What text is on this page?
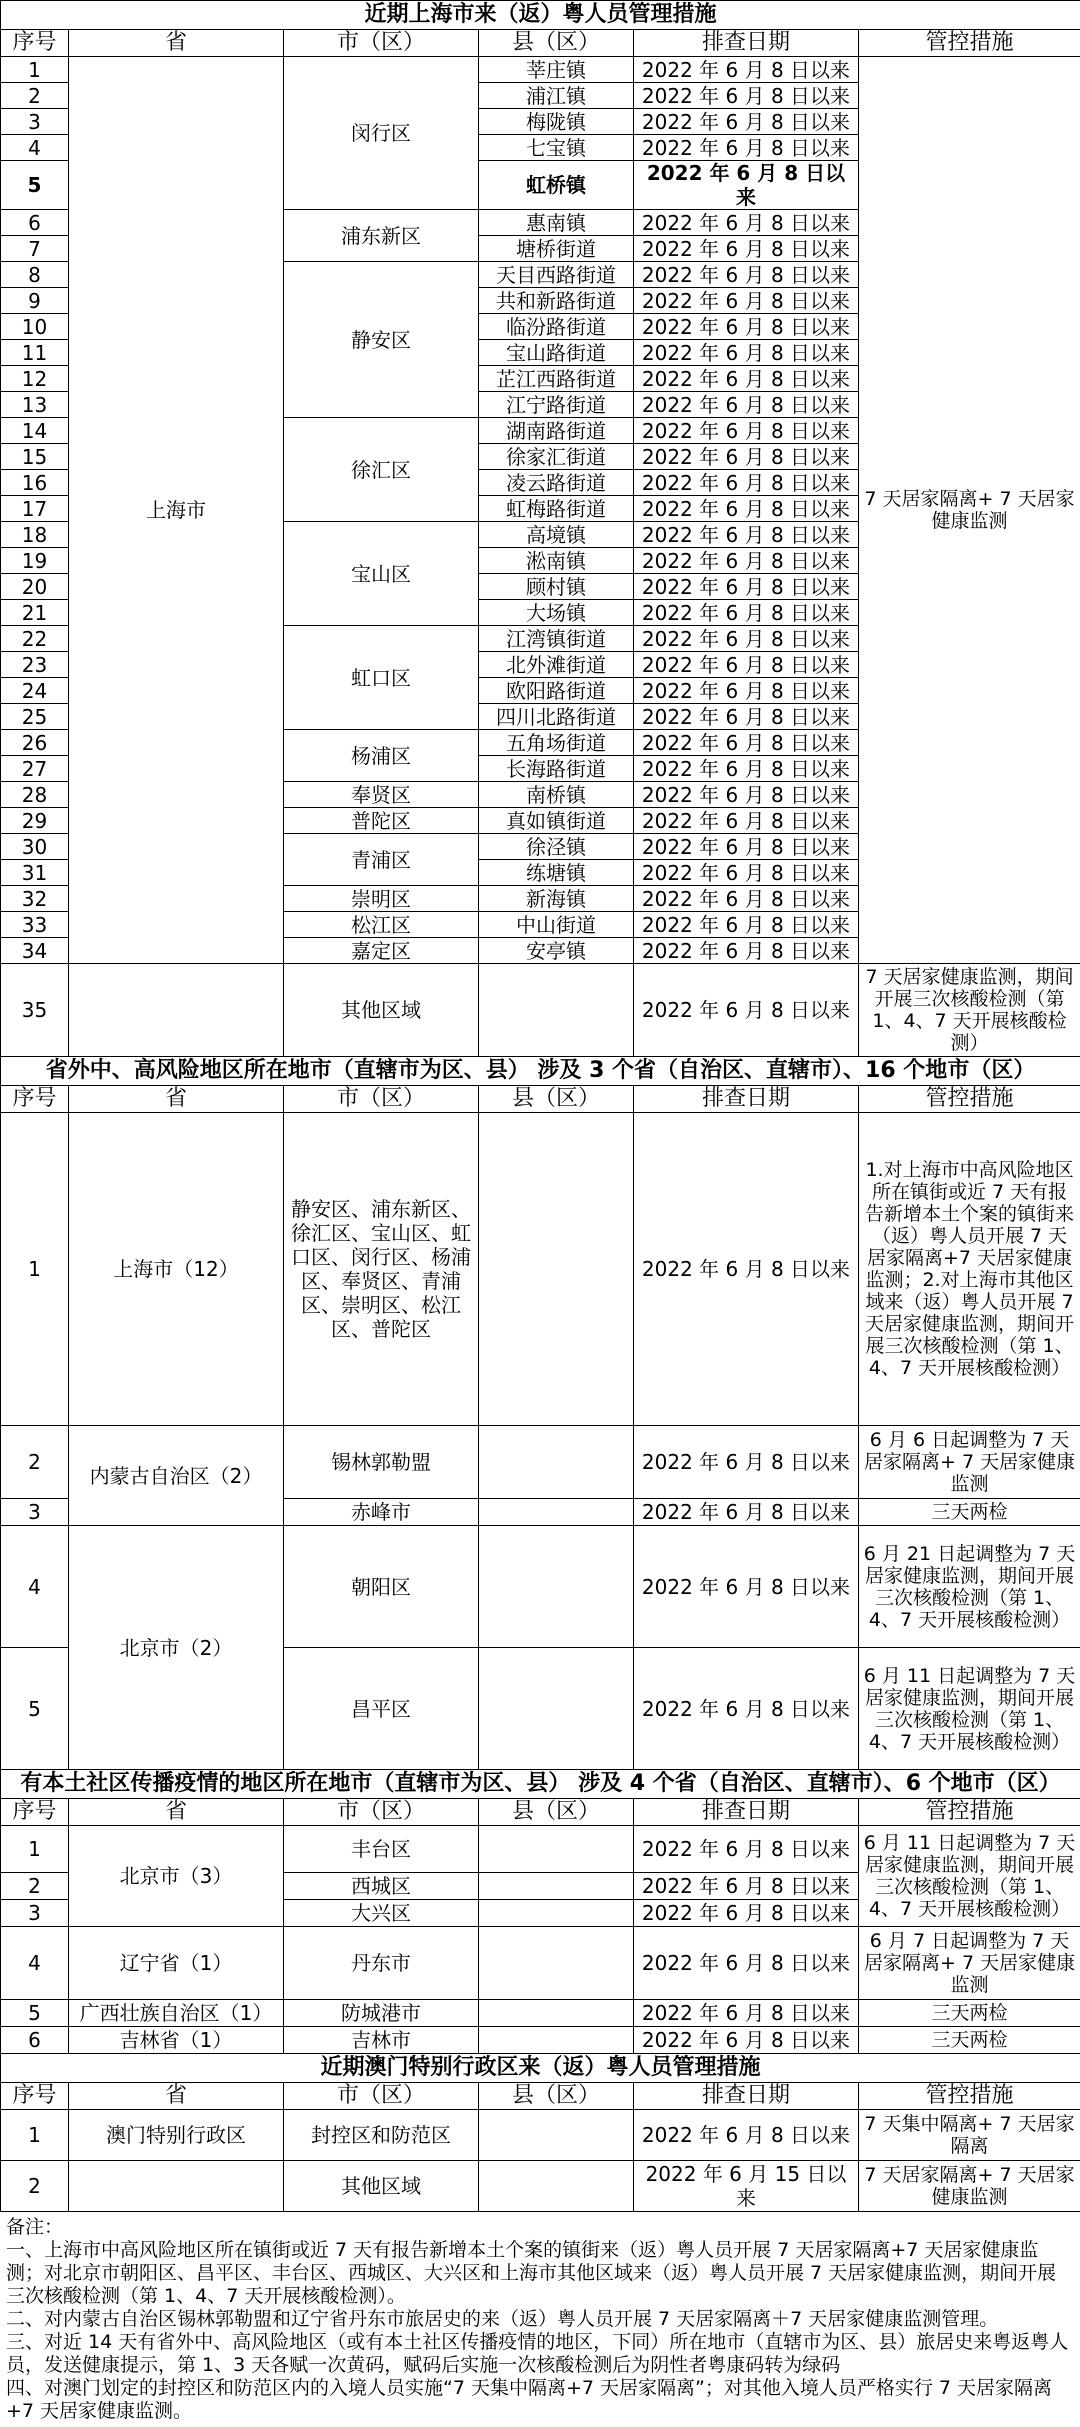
近期上海市来（返）粤人员管理措施					
序号	省	市（区）	县（区）	排查日期	管控措施
1	上海市	闵行区	莘庄镇	2022 年 6 月 8 日以来	7 天居家隔离+ 7 天居家健康监测
2			浦江镇	2022 年 6 月 8 日以来	
3			梅陇镇	2022 年 6 月 8 日以来	
4			七宝镇	2022 年 6 月 8 日以来	
5			虹桥镇	2022 年 6 月 8 日以来	
6		浦东新区	惠南镇	2022 年 6 月 8 日以来	
7			塘桥街道	2022 年 6 月 8 日以来	
8		静安区	天目西路街道	2022 年 6 月 8 日以来	
9			共和新路街道	2022 年 6 月 8 日以来	
10			临汾路街道	2022 年 6 月 8 日以来	
11			宝山路街道	2022 年 6 月 8 日以来	
12			芷江西路街道	2022 年 6 月 8 日以来	
13			江宁路街道	2022 年 6 月 8 日以来	
14		徐汇区	湖南路街道	2022 年 6 月 8 日以来	
15			徐家汇街道	2022 年 6 月 8 日以来	
16			凌云路街道	2022 年 6 月 8 日以来	
17			虹梅路街道	2022 年 6 月 8 日以来	
18		宝山区	高境镇	2022 年 6 月 8 日以来	
19			淞南镇	2022 年 6 月 8 日以来	
20			顾村镇	2022 年 6 月 8 日以来	
21			大场镇	2022 年 6 月 8 日以来	
22		虹口区	江湾镇街道	2022 年 6 月 8 日以来	
23			北外滩街道	2022 年 6 月 8 日以来	
24			欧阳路街道	2022 年 6 月 8 日以来	
25			四川北路街道	2022 年 6 月 8 日以来	
26		杨浦区	五角场街道	2022 年 6 月 8 日以来	
27			长海路街道	2022 年 6 月 8 日以来	
28		奉贤区	南桥镇	2022 年 6 月 8 日以来	
29		普陀区	真如镇街道	2022 年 6 月 8 日以来	
30		青浦区	徐泾镇	2022 年 6 月 8 日以来	
31			练塘镇	2022 年 6 月 8 日以来	
32		崇明区	新海镇	2022 年 6 月 8 日以来	
33		松江区	中山街道	2022 年 6 月 8 日以来	
34		嘉定区	安亭镇	2022 年 6 月 8 日以来	
35		其他区域		2022 年 6 月 8 日以来	7 天居家健康监测，期间开展三次核酸检测（第 1、4、7 天开展核酸检测）
省外中、高风险地区所在地市（直辖市为区、县） 涉及 3 个省（自治区、直辖市）、16 个地市（区）					
序号	省	市（区）	县（区）	排查日期	管控措施
1	上海市（12）	静安区、浦东新区、徐汇区、宝山区、虹口区、闵行区、杨浦区、奉贤区、青浦区、崇明区、松江区、普陀区		2022 年 6 月 8 日以来	1.对上海市中高风险地区所在镇街或近 7 天有报告新增本土个案的镇街来（返）粤人员开展 7 天居家隔离+7 天居家健康监测；2.对上海市其他区域来（返）粤人员开展 7 天居家健康监测，期间开展三次核酸检测（第 1、4、7 天开展核酸检测）
2	内蒙古自治区（2）	锡林郭勒盟		2022 年 6 月 8 日以来	6 月 6 日起调整为 7 天居家隔离+ 7 天居家健康监测
3		赤峰市		2022 年 6 月 8 日以来	三天两检
4	北京市（2）	朝阳区		2022 年 6 月 8 日以来	6 月 21 日起调整为 7 天居家健康监测，期间开展三次核酸检测（第 1、4、7 天开展核酸检测）
5		昌平区		2022 年 6 月 8 日以来	6 月 11 日起调整为 7 天居家健康监测，期间开展三次核酸检测（第 1、4、7 天开展核酸检测）
有本土社区传播疫情的地区所在地市（直辖市为区、县） 涉及 4 个省（自治区、直辖市）、6 个地市（区）					
序号	省	市（区）	县（区）	排查日期	管控措施
1	北京市（3）	丰台区		2022 年 6 月 8 日以来	6 月 11 日起调整为 7 天居家健康监测，期间开展三次核酸检测（第 1、4、7 天开展核酸检测）
2		西城区		2022 年 6 月 8 日以来	
3		大兴区		2022 年 6 月 8 日以来	
4	辽宁省（1）	丹东市		2022 年 6 月 8 日以来	6 月 7 日起调整为 7 天居家隔离+ 7 天居家健康监测
5	广西壮族自治区（1）	防城港市		2022 年 6 月 8 日以来	三天两检
6	吉林省（1）	吉林市		2022 年 6 月 8 日以来	三天两检
近期澳门特别行政区来（返）粤人员管理措施					
序号	省	市（区）	县（区）	排查日期	管控措施
1	澳门特别行政区	封控区和防范区		2022 年 6 月 8 日以来	7 天集中隔离+ 7 天居家隔离
2		其他区域		2022 年 6 月 15 日以来	7 天居家隔离+ 7 天居家健康监测

备注：

一、上海市中高风险地区所在镇街或近 7 天有报告新增本土个案的镇街来（返）粤人员开展 7 天居家隔离+7 天居家健康监测；对北京市朝阳区、昌平区、丰台区、西城区、大兴区和上海市其他区域来（返）粤人员开展 7 天居家健康监测，期间开展三次核酸检测（第 1、4、7 天开展核酸检测）。

二、对内蒙古自治区锡林郭勒盟和辽宁省丹东市旅居史的来（返）粤人员开展 7 天居家隔离＋7 天居家健康监测管理。

三、对近 14 天有省外中、高风险地区（或有本土社区传播疫情的地区，下同）所在地市（直辖市为区、县）旅居史来粤返粤人员，发送健康提示，第 1、3 天各赋一次黄码，赋码后实施一次核酸检测后为阴性者粤康码转为绿码

四、对澳门划定的封控区和防范区内的入境人员实施“7 天集中隔离+7 天居家隔离”；对其他入境人员严格实行 7 天居家隔离+7 天居家健康监测。
